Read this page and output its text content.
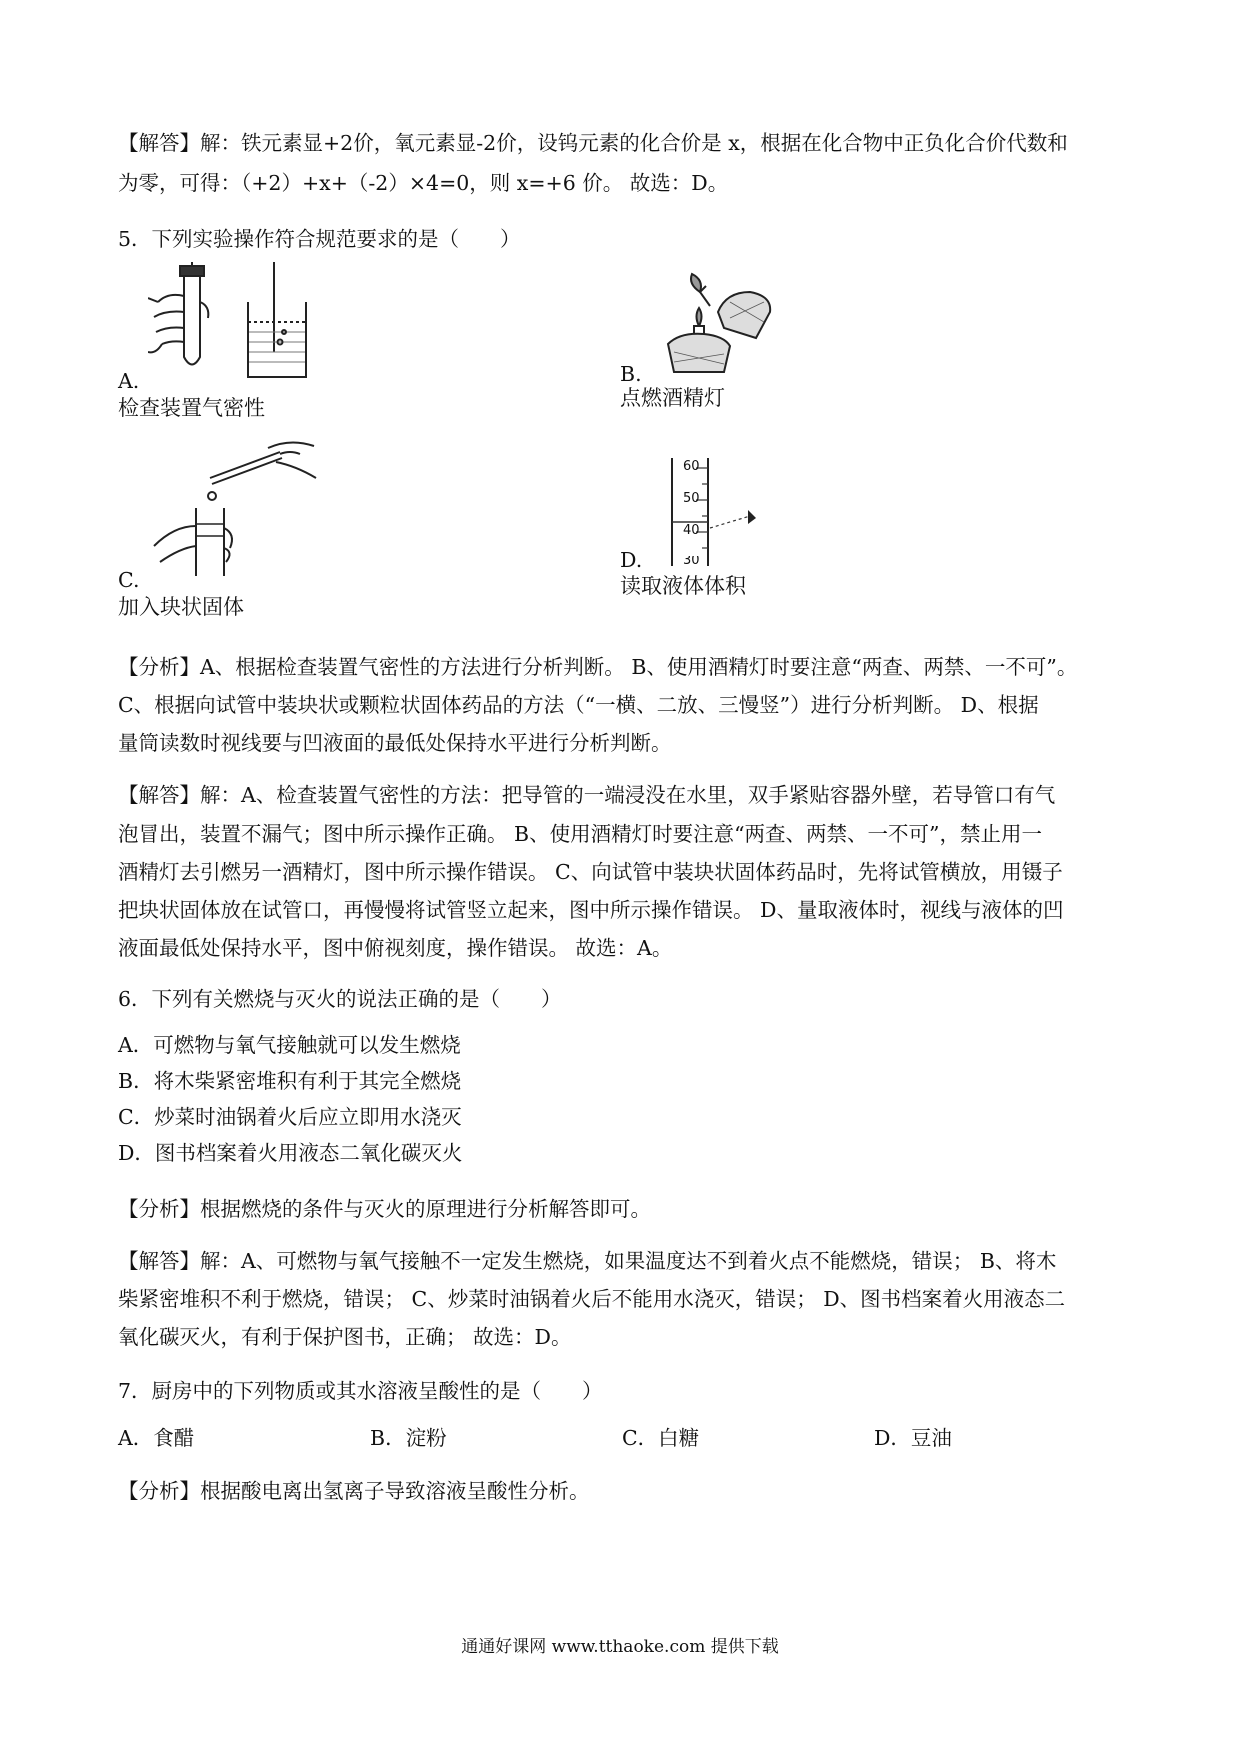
【解答】解：铁元素显+2价，氧元素显-2价，设钨元素的化合价是 x，根据在化合物中正负化合价代数和
为零，可得：（+2）+x+（-2）×4=0，则 x=+6 价。 故选：D。
5．下列实验操作符合规范要求的是（　　）
A.
检查装置气密性
B.
点燃酒精灯
C.
加入块状固体
60
50
40
30
D.
读取液体体积
【分析】A、根据检查装置气密性的方法进行分析判断。 B、使用酒精灯时要注意“两查、两禁、一不可”。
C、根据向试管中装块状或颗粒状固体药品的方法（“一横、二放、三慢竖”）进行分析判断。 D、根据
量筒读数时视线要与凹液面的最低处保持水平进行分析判断。
【解答】解：A、检查装置气密性的方法：把导管的一端浸没在水里，双手紧贴容器外壁，若导管口有气
泡冒出，装置不漏气；图中所示操作正确。 B、使用酒精灯时要注意“两查、两禁、一不可”，禁止用一
酒精灯去引燃另一酒精灯，图中所示操作错误。 C、向试管中装块状固体药品时，先将试管横放，用镊子
把块状固体放在试管口，再慢慢将试管竖立起来，图中所示操作错误。 D、量取液体时，视线与液体的凹
液面最低处保持水平，图中俯视刻度，操作错误。 故选：A。
6．下列有关燃烧与灭火的说法正确的是（　　）
A．可燃物与氧气接触就可以发生燃烧
B．将木柴紧密堆积有利于其完全燃烧
C．炒菜时油锅着火后应立即用水浇灭
D．图书档案着火用液态二氧化碳灭火
【分析】根据燃烧的条件与灭火的原理进行分析解答即可。
【解答】解：A、可燃物与氧气接触不一定发生燃烧，如果温度达不到着火点不能燃烧，错误； B、将木
柴紧密堆积不利于燃烧，错误； C、炒菜时油锅着火后不能用水浇灭，错误； D、图书档案着火用液态二
氧化碳灭火，有利于保护图书，正确； 故选：D。
7．厨房中的下列物质或其水溶液呈酸性的是（　　）
A．食醋	B．淀粉	C．白糖	D．豆油
【分析】根据酸电离出氢离子导致溶液呈酸性分析。
通通好课网 www.tthaoke.com 提供下载
